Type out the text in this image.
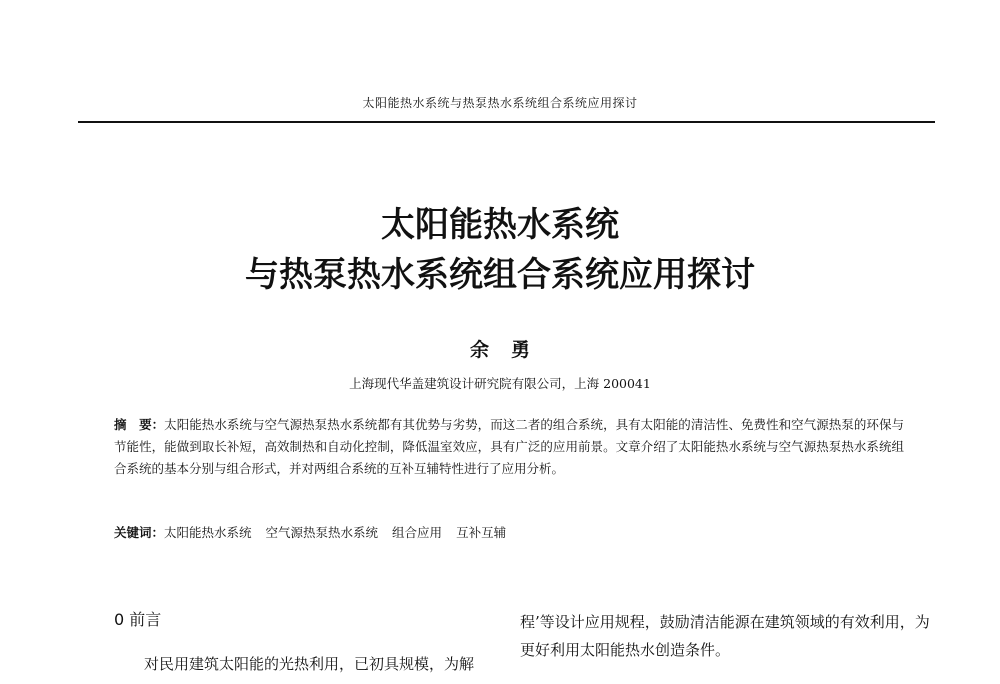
太阳能热水系统与热泵热水系统组合系统应用探讨
太阳能热水系统
与热泵热水系统组合系统应用探讨
余勇
上海现代华盖建筑设计研究院有限公司，上海 200041
摘　要：太阳能热水系统与空气源热泵热水系统都有其优势与劣势，而这二者的组合系统，具有太阳能的清洁性、免费性和空气源热泵的环保与节能性，能做到取长补短，高效制热和自动化控制，降低温室效应，具有广泛的应用前景。文章介绍了太阳能热水系统与空气源热泵热水系统组合系统的基本分别与组合形式，并对两组合系统的互补互辅特性进行了应用分析。
关键词：太阳能热水系统 空气源热泵热水系统 组合应用 互补互辅
0 前言
对民用建筑太阳能的光热利用，已初具规模，为解
程’等设计应用规程，鼓励清洁能源在建筑领域的有效利用，为更好利用太阳能热水创造条件。
